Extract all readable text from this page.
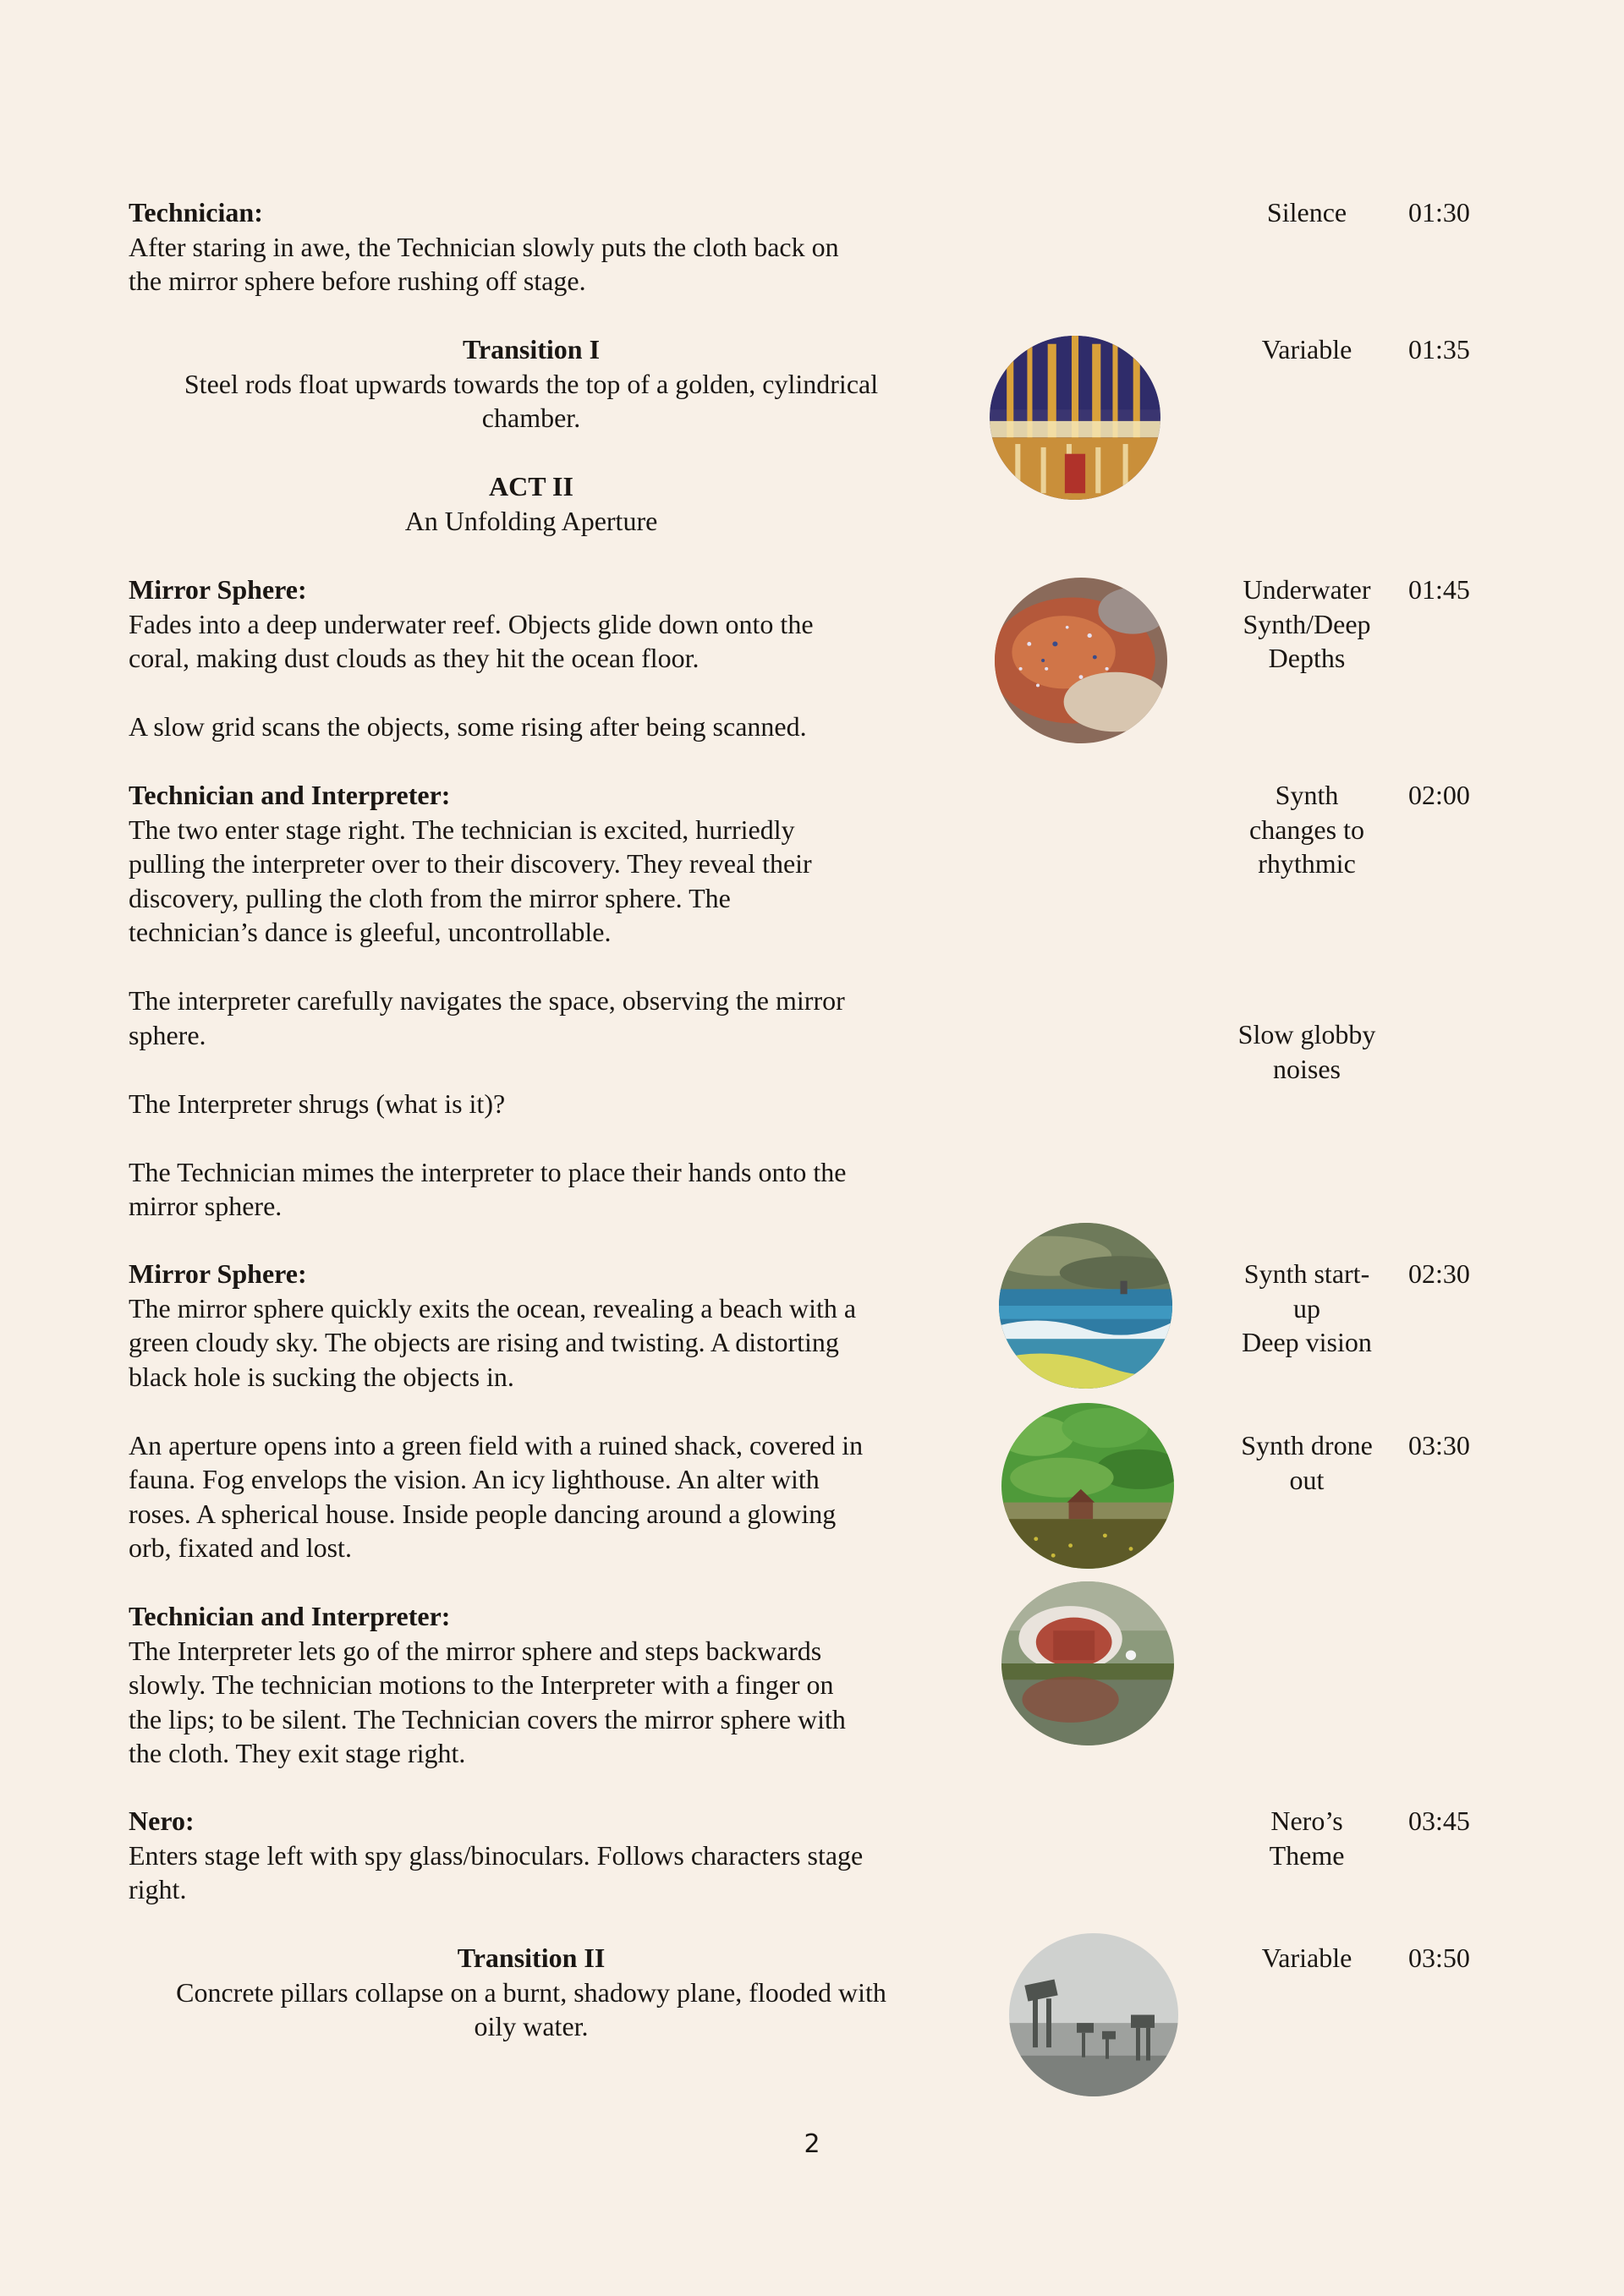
Technician:

After staring in awe, the Technician slowly puts the cloth back on

the mirror sphere before rushing off stage.

Transition I

Steel rods float upwards towards the top of a golden, cylindrical

chamber.

ACT II

An Unfolding Aperture

Mirror Sphere:

Fades into a deep underwater reef. Objects glide down onto the

coral, making dust clouds as they hit the ocean floor.

A slow grid scans the objects, some rising after being scanned.

Technician and Interpreter:

The two enter stage right. The technician is excited, hurriedly

pulling the interpreter over to their discovery. They reveal their

discovery, pulling the cloth from the mirror sphere. The

technician’s dance is gleeful, uncontrollable.

The interpreter carefully navigates the space, observing the mirror

sphere.

The Interpreter shrugs (what is it)?

The Technician mimes the interpreter to place their hands onto the

mirror sphere.

Mirror Sphere:

The mirror sphere quickly exits the ocean, revealing a beach with a

green cloudy sky. The objects are rising and twisting. A distorting

black hole is sucking the objects in.

An aperture opens into a green field with a ruined shack, covered in

fauna. Fog envelops the vision. An icy lighthouse. An alter with

roses. A spherical house. Inside people dancing around a glowing

orb, fixated and lost.

Technician and Interpreter:

The Interpreter lets go of the mirror sphere and steps backwards

slowly. The technician motions to the Interpreter with a finger on

the lips; to be silent. The Technician covers the mirror sphere with

the cloth. They exit stage right.

Nero:

Enters stage left with spy glass/binoculars. Follows characters stage

right.

Transition II

Concrete pillars collapse on a burnt, shadowy plane, flooded with

oily water.

Silence
Variable
Underwater
Synth/Deep
Depths
Synth
changes to
rhythmic
Slow globby
noises
Synth start-
up
Deep vision
Synth drone
out
Nero’s
Theme
Variable
01:30
01:35
01:45
02:00
02:30
03:30
03:45
03:50
2
